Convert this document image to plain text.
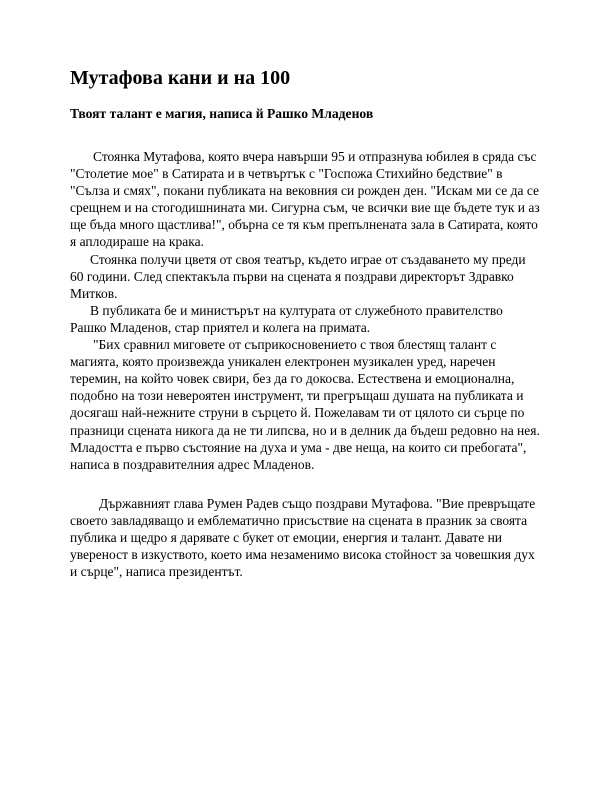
Мутафова кани и на 100
Твоят талант е магия, написа й Рашко Младенов

Стоянка Мутафова, която вчера навърши 95 и отпразнува юбилея в сряда със "Столетие мое" в Сатирата и в четвъртък с "Госпожа Стихийно бедствие" в "Сълза и смях", покани публиката на вековния си рожден ден. "Искам ми се да се срещнем и на стогодишнината ми. Сигурна съм, че всички вие ще бъдете тук и аз ще бъда много щастлива!", обърна се тя към препълнената зала в Сатирата, която я аплодираше на крака.

Стоянка получи цветя от своя театър, където играе от създаването му преди 60 години. След спектакъла първи на сцената я поздрави директорът Здравко Митков.

В публиката бе и министърът на културата от служебното правителство Рашко Младенов, стар приятел и колега на примата.

"Бих сравнил миговете от съприкосновението с твоя блестящ талант с магията, която произвежда уникален електронен музикален уред, наречен теремин, на който човек свири, без да го докосва. Естествена и емоционална, подобно на този невероятен инструмент, ти прегръщаш душата на публиката и досягаш най-нежните струни в сърцето й. Пожелавам ти от цялото си сърце по празници сцената никога да не ти липсва, но и в делник да бъдеш редовно на нея. Младостта е първо състояние на духа и ума - две неща, на които си пребогата", написа в поздравителния адрес Младенов.

Държавният глава Румен Радев също поздрави Мутафова. "Вие превръщате своето завладяващо и емблематично присъствие на сцената в празник за своята публика и щедро я дарявате с букет от емоции, енергия и талант. Давате ни увереност в изкуството, което има незаменимо висока стойност за човешкия дух и сърце", написа президентът.
